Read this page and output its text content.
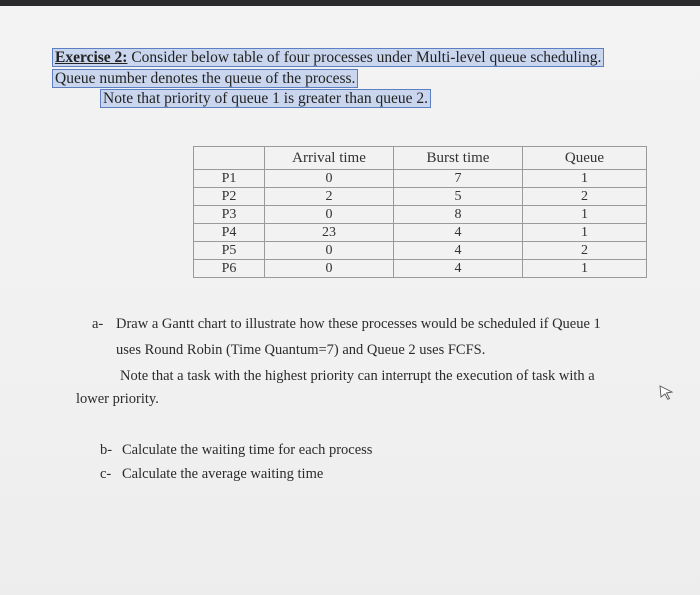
Exercise 2: Consider below table of four processes under Multi-level queue scheduling.
Queue number denotes the queue of the process.
Note that priority of queue 1 is greater than queue 2.
	Arrival time	Burst time	Queue
P1	0	7	1
P2	2	5	2
P3	0	8	1
P4	23	4	1
P5	0	4	2
P6	0	4	1
a- Draw a Gantt chart to illustrate how these processes would be scheduled if Queue 1
uses Round Robin (Time Quantum=7) and Queue 2 uses FCFS.
Note that a task with the highest priority can interrupt the execution of task with a
lower priority.
b- Calculate the waiting time for each process
c- Calculate the average waiting time
